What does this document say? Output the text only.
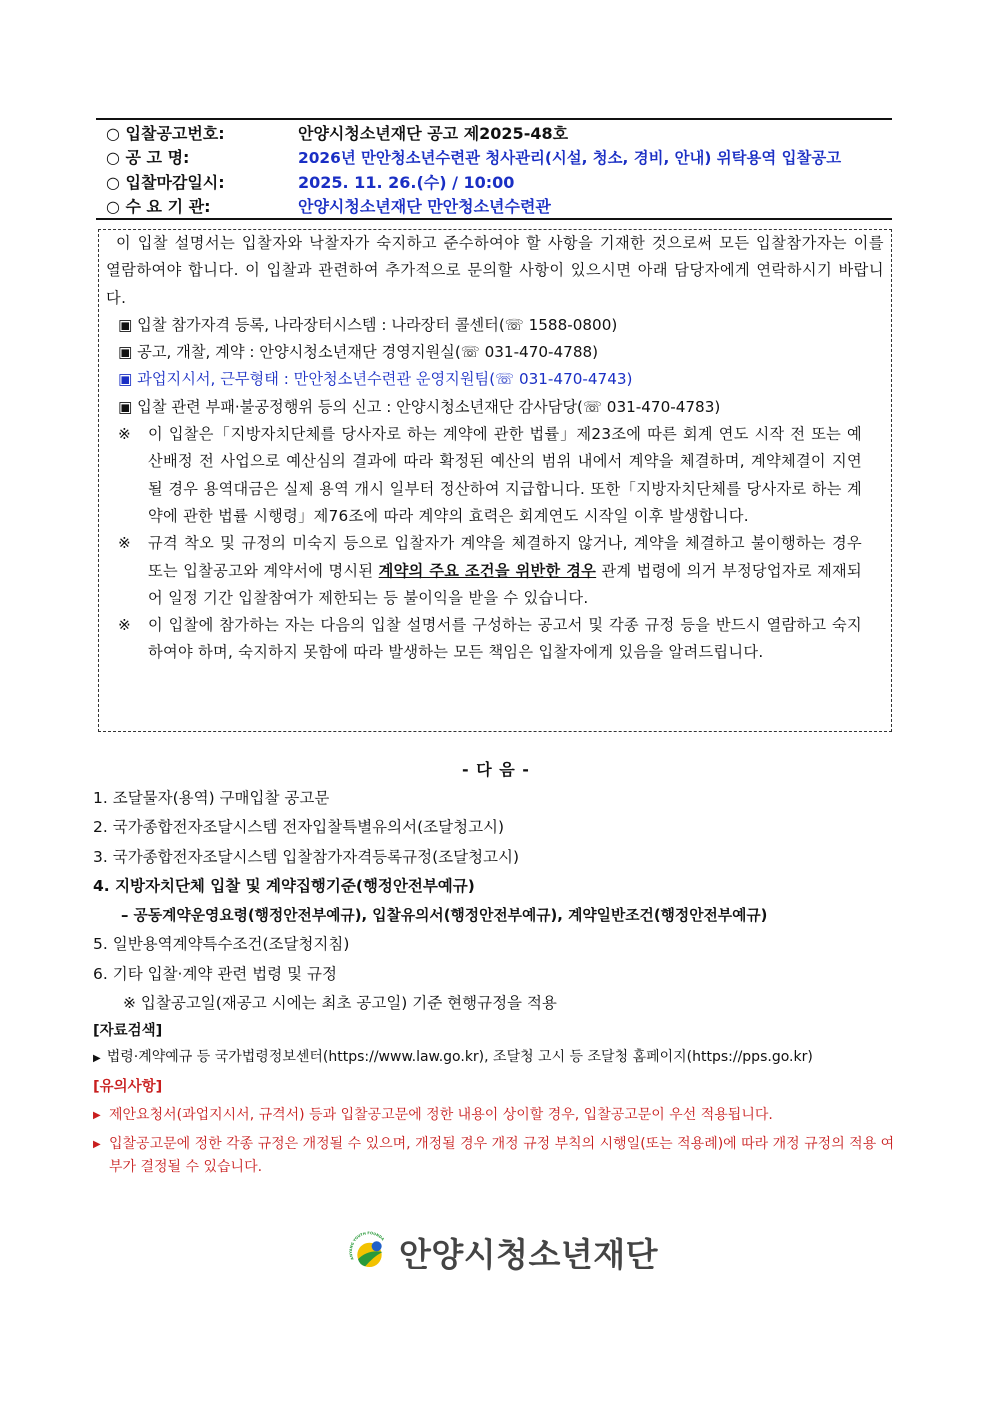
○ 입찰공고번호:	안양시청소년재단 공고 제2025-48호
○ 공 고 명:	2026년 만안청소년수련관 청사관리(시설, 청소, 경비, 안내) 위탁용역 입찰공고
○ 입찰마감일시:	2025. 11. 26.(수) / 10:00
○ 수 요 기 관:	안양시청소년재단 만안청소년수련관

이 입찰 설명서는 입찰자와 낙찰자가 숙지하고 준수하여야 할 사항을 기재한 것으로써 모든 입찰참가자는 이를 열람하여야 합니다. 이 입찰과 관련하여 추가적으로 문의할 사항이 있으시면 아래 담당자에게 연락하시기 바랍니다.

▣ 입찰 참가자격 등록, 나라장터시스템 : 나라장터 콜센터(☏ 1588-0800)

▣ 공고, 개찰, 계약 : 안양시청소년재단 경영지원실(☏ 031-470-4788)

▣ 과업지시서, 근무형태 : 만안청소년수련관 운영지원팀(☏ 031-470-4743)

▣ 입찰 관련 부패·불공정행위 등의 신고 : 안양시청소년재단 감사담당(☏ 031-470-4783)

※	이 입찰은「지방자치단체를 당사자로 하는 계약에 관한 법률」제23조에 따른 회계 연도 시작 전 또는 예산배정 전 사업으로 예산심의 결과에 따라 확정된 예산의 범위 내에서 계약을 체결하며, 계약체결이 지연될 경우 용역대금은 실제 용역 개시 일부터 정산하여 지급합니다. 또한「지방자치단체를 당사자로 하는 계약에 관한 법률 시행령」제76조에 따라 계약의 효력은 회계연도 시작일 이후 발생합니다.
※	규격 착오 및 규정의 미숙지 등으로 입찰자가 계약을 체결하지 않거나, 계약을 체결하고 불이행하는 경우 또는 입찰공고와 계약서에 명시된 계약의 주요 조건을 위반한 경우 관계 법령에 의거 부정당업자로 제재되어 일정 기간 입찰참여가 제한되는 등 불이익을 받을 수 있습니다.
※	이 입찰에 참가하는 자는 다음의 입찰 설명서를 구성하는 공고서 및 각종 규정 등을 반드시 열람하고 숙지하여야 하며, 숙지하지 못함에 따라 발생하는 모든 책임은 입찰자에게 있음을 알려드립니다.
- 다 음 -
1. 조달물자(용역) 구매입찰 공고문
2. 국가종합전자조달시스템 전자입찰특별유의서(조달청고시)
3. 국가종합전자조달시스템 입찰참가자격등록규정(조달청고시)
4. 지방자치단체 입찰 및 계약집행기준(행정안전부예규)
– 공동계약운영요령(행정안전부예규), 입찰유의서(행정안전부예규), 계약일반조건(행정안전부예규)
5. 일반용역계약특수조건(조달청지침)
6. 기타 입찰·계약 관련 법령 및 규정
※ 입찰공고일(재공고 시에는 최초 공고일) 기준 현행규정을 적용
[자료검색]
▶ 법령·계약예규 등 국가법령정보센터(https://www.law.go.kr), 조달청 고시 등 조달청 홈페이지(https://pps.go.kr)
[유의사항]
▶ 제안요청서(과업지시서, 규격서) 등과 입찰공고문에 정한 내용이 상이할 경우, 입찰공고문이 우선 적용됩니다.
▶ 입찰공고문에 정한 각종 규정은 개정될 수 있으며, 개정될 경우 개정 규정 부칙의 시행일(또는 적용례)에 따라 개정 규정의 적용 여부가 결정될 수 있습니다.
ANYANG YOUTH FOUNDA 안양시청소년재단
